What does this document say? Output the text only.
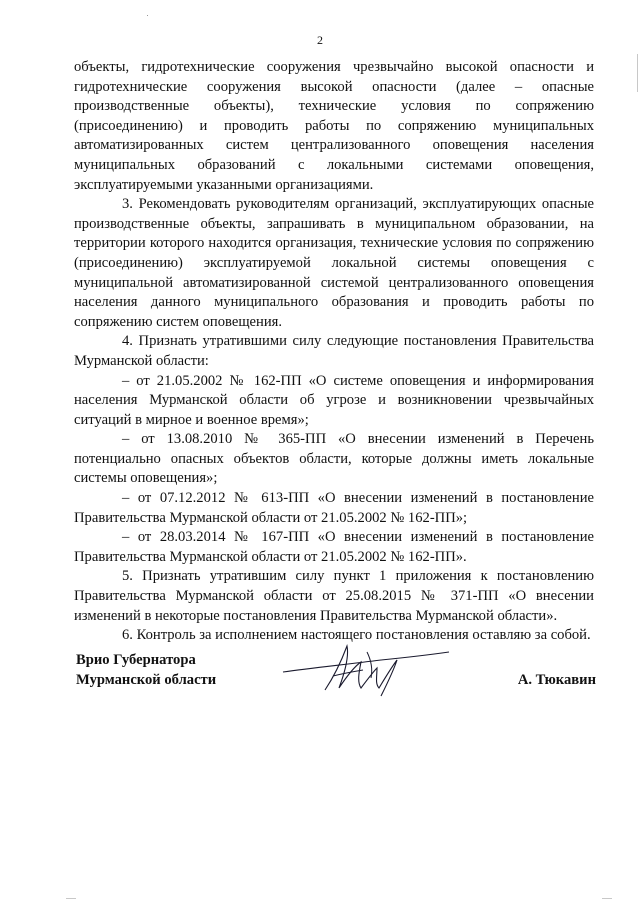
2

объекты, гидротехнические сооружения чрезвычайно высокой опасности и гидротехнические сооружения высокой опасности (далее – опасные производственные объекты), технические условия по сопряжению (присоединению) и проводить работы по сопряжению муниципальных автоматизированных систем централизованного оповещения населения муниципальных образований с локальными системами оповещения, эксплуатируемыми указанными организациями.

3. Рекомендовать руководителям организаций, эксплуатирующих опасные производственные объекты, запрашивать в муниципальном образовании, на территории которого находится организация, технические условия по сопряжению (присоединению) эксплуатируемой локальной системы оповещения с муниципальной автоматизированной системой централизованного оповещения населения данного муниципального образования и проводить работы по сопряжению систем оповещения.

4. Признать утратившими силу следующие постановления Правительства Мурманской области:

– от 21.05.2002 № 162-ПП «О системе оповещения и информирования населения Мурманской области об угрозе и возникновении чрезвычайных ситуаций в мирное и военное время»;

– от 13.08.2010 № 365-ПП «О внесении изменений в Перечень потенциально опасных объектов области, которые должны иметь локальные системы оповещения»;

– от 07.12.2012 № 613-ПП «О внесении изменений в постановление Правительства Мурманской области от 21.05.2002 № 162-ПП»;

– от 28.03.2014 № 167-ПП «О внесении изменений в постановление Правительства Мурманской области от 21.05.2002 № 162-ПП».

5. Признать утратившим силу пункт 1 приложения к постановлению Правительства Мурманской области от 25.08.2015 № 371-ПП «О внесении изменений в некоторые постановления Правительства Мурманской области».

6. Контроль за исполнением настоящего постановления оставляю за собой.

Врио Губернатора
Мурманской области	А. Тюкавин
